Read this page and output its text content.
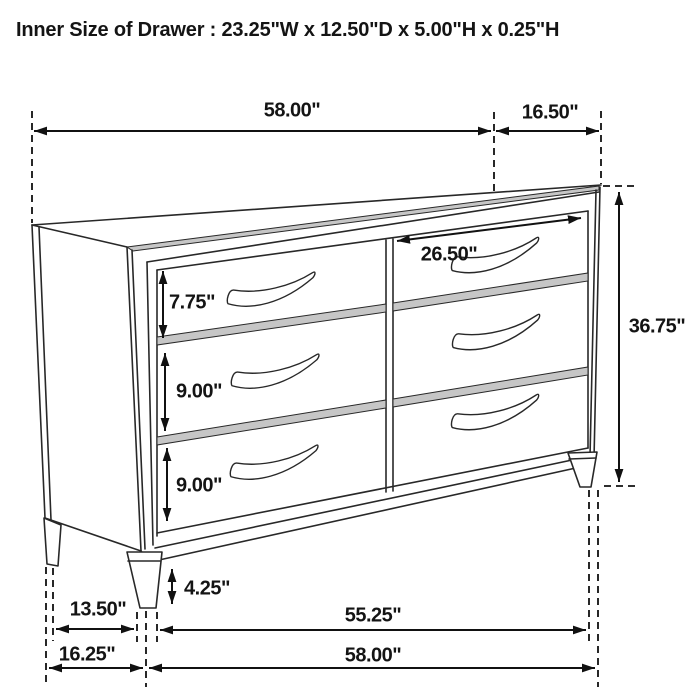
Inner Size of Drawer : 23.25"W x 12.50"D x 5.00"H x 0.25"H
58.00"	16.50"
36.75"
26.50"
7.75"
9.00"
9.00"
4.25"
13.50"
16.25"
55.25"
58.00"
